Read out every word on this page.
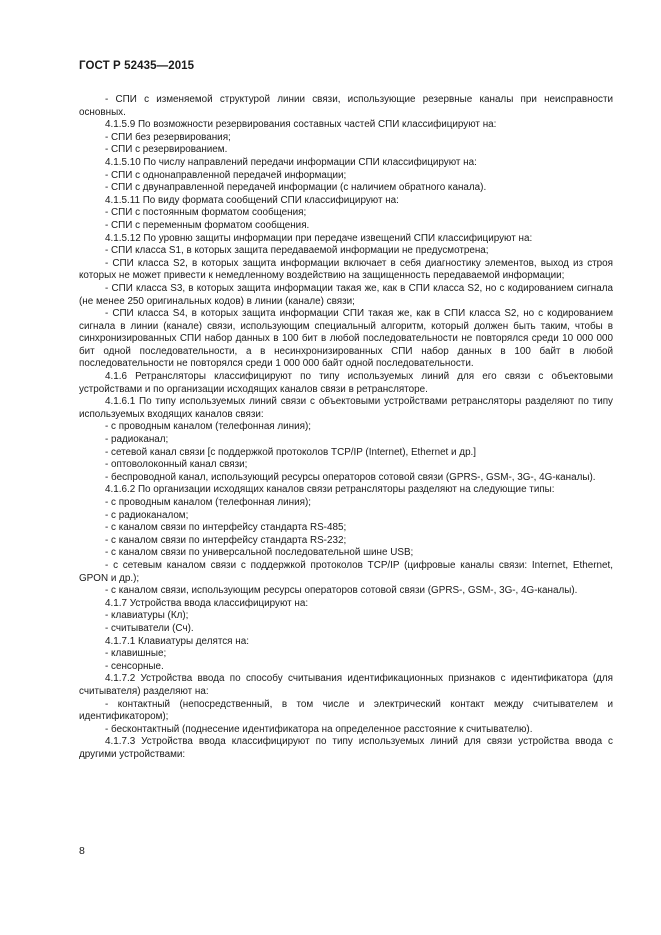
ГОСТ Р 52435—2015

- СПИ с изменяемой структурой линии связи, использующие резервные каналы при неисправности основных.

4.1.5.9 По возможности резервирования составных частей СПИ классифицируют на:

- СПИ без резервирования;

- СПИ с резервированием.

4.1.5.10 По числу направлений передачи информации СПИ классифицируют на:

- СПИ с однонаправленной передачей информации;

- СПИ с двунаправленной передачей информации (с наличием обратного канала).

4.1.5.11 По виду формата сообщений СПИ классифицируют на:

- СПИ с постоянным форматом сообщения;

- СПИ с переменным форматом сообщения.

4.1.5.12 По уровню защиты информации при передаче извещений СПИ классифицируют на:

- СПИ класса S1, в которых защита передаваемой информации не предусмотрена;

- СПИ класса S2, в которых защита информации включает в себя диагностику элементов, выход из строя которых не может привести к немедленному воздействию на защищенность передаваемой информации;

- СПИ класса S3, в которых защита информации такая же, как в СПИ класса S2, но с кодированием сигнала (не менее 250 оригинальных кодов) в линии (канале) связи;

- СПИ класса S4, в которых защита информации СПИ такая же, как в СПИ класса S2, но с кодированием сигнала в линии (канале) связи, использующим специальный алгоритм, который должен быть таким, чтобы в синхронизированных СПИ набор данных в 100 бит в любой последовательности не повторялся среди 10 000 000 бит одной последовательности, а в несинхронизированных СПИ набор данных в 100 байт в любой последовательности не повторялся среди 1 000 000 байт одной последовательности.

4.1.6 Ретрансляторы классифицируют по типу используемых линий для его связи с объектовыми устройствами и по организации исходящих каналов связи в ретрансляторе.

4.1.6.1 По типу используемых линий связи с объектовыми устройствами ретрансляторы разделяют по типу используемых входящих каналов связи:

- с проводным каналом (телефонная линия);

- радиоканал;

- сетевой канал связи [с поддержкой протоколов TCP/IP (Internet), Ethernet и др.]

- оптоволоконный канал связи;

- беспроводной канал, использующий ресурсы операторов сотовой связи (GPRS-, GSM-, 3G-, 4G-каналы).

4.1.6.2 По организации исходящих каналов связи ретрансляторы разделяют на следующие типы:

- с проводным каналом (телефонная линия);

- с радиоканалом;

- с каналом связи по интерфейсу стандарта RS-485;

- с каналом связи по интерфейсу стандарта RS-232;

- с каналом связи по универсальной последовательной шине USB;

- с сетевым каналом связи с поддержкой протоколов TCP/IP (цифровые каналы связи: Internet, Ethernet, GPON и др.);

- с каналом связи, использующим ресурсы операторов сотовой связи (GPRS-, GSM-, 3G-, 4G-каналы).

4.1.7 Устройства ввода классифицируют на:

- клавиатуры (Кл);

- считыватели (Сч).

4.1.7.1 Клавиатуры делятся на:

- клавишные;

- сенсорные.

4.1.7.2 Устройства ввода по способу считывания идентификационных признаков с идентификатора (для считывателя) разделяют на:

- контактный (непосредственный, в том числе и электрический контакт между считывателем и идентификатором);

- бесконтактный (поднесение идентификатора на определенное расстояние к считывателю).

4.1.7.3 Устройства ввода классифицируют по типу используемых линий для связи устройства ввода с другими устройствами:

8
